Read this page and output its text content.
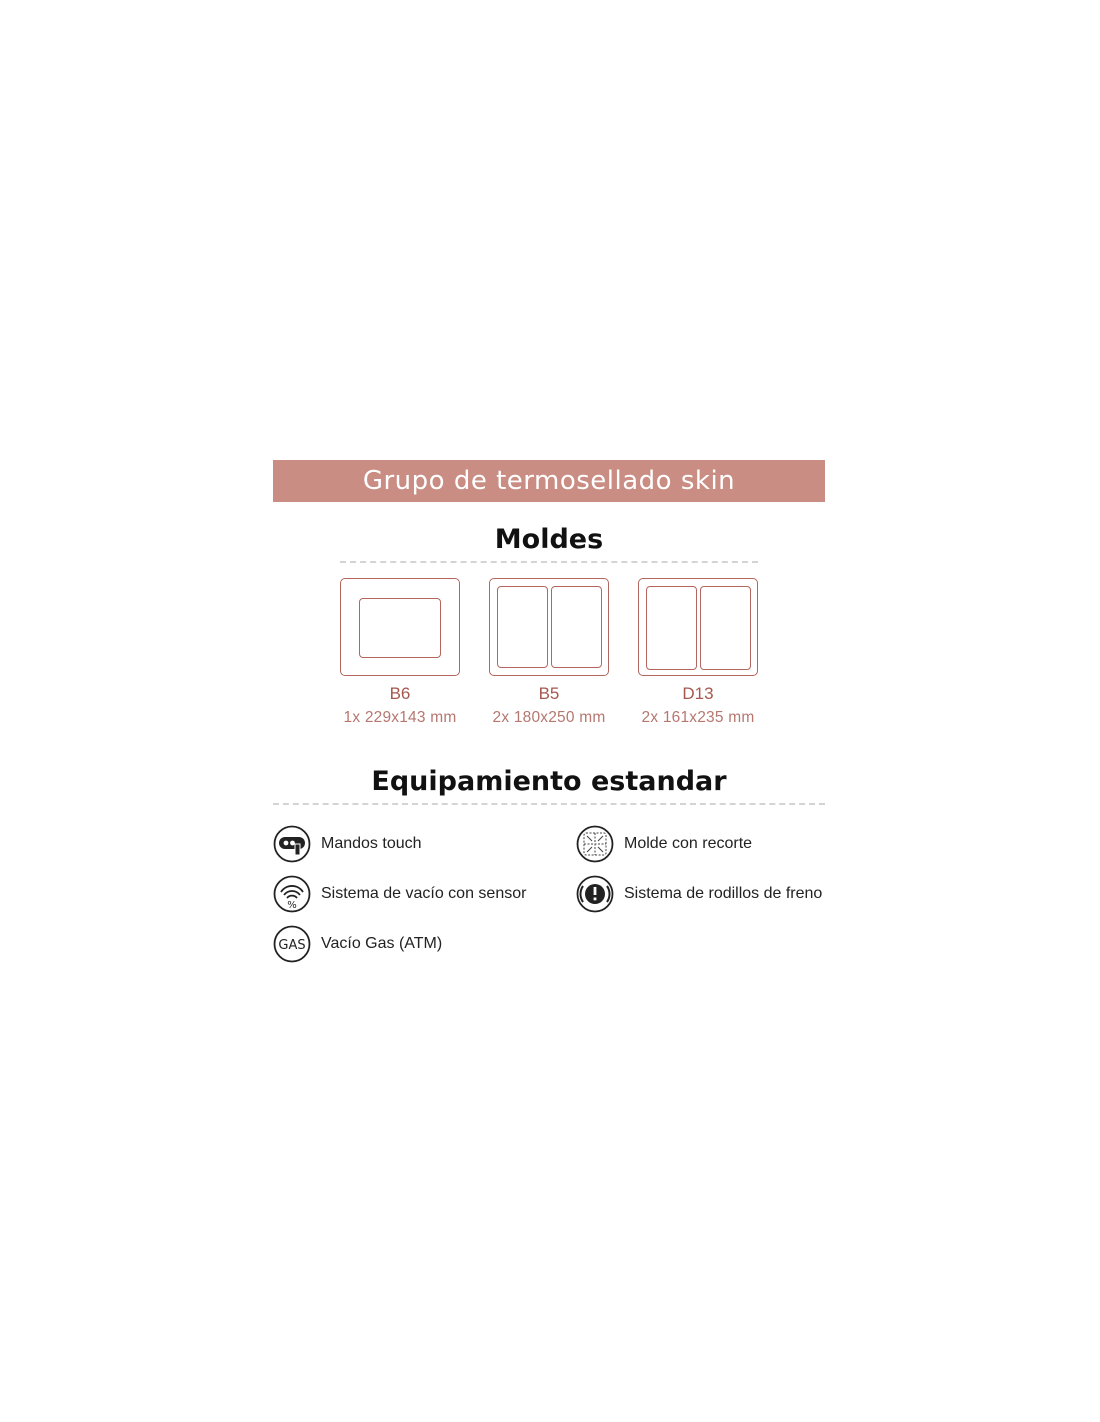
Grupo de termosellado skin
Moldes
B6	B5	D13
1x 229x143 mm	2x 180x250 mm	2x 161x235 mm
Equipamiento estandar
Mandos touch	Molde con recorte
%
Sistema de vacío con sensor	Sistema de rodillos de freno
GAS Vacío Gas (ATM)
